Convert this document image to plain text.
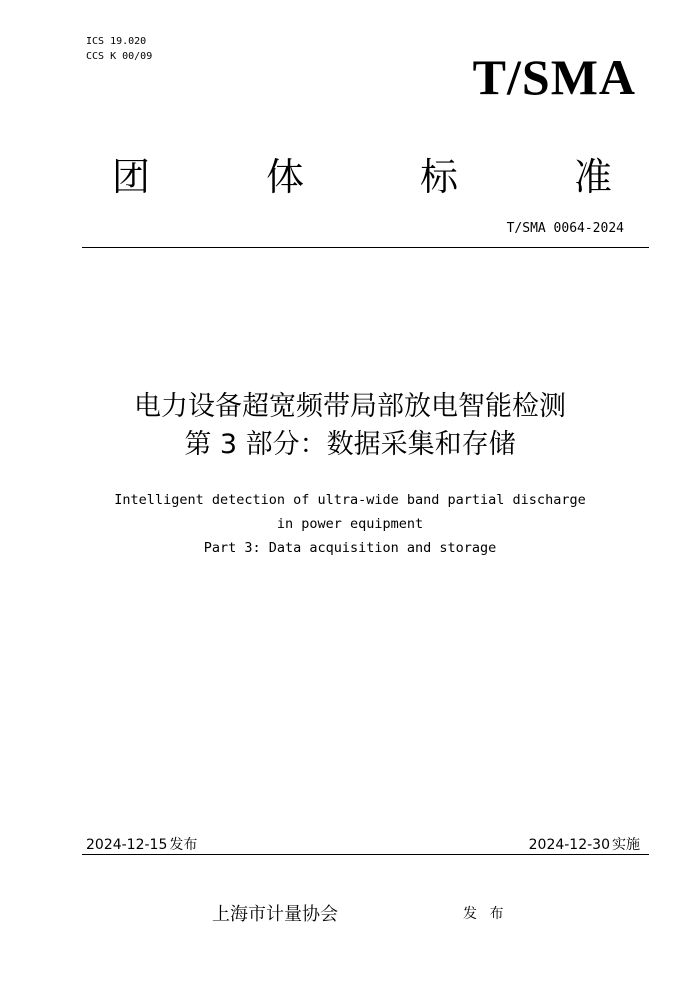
ICS 19.020
CCS K 00/09	T/SMA
团	体	标	准
T/SMA 0064-2024
电力设备超宽频带局部放电智能检测
第 3 部分：数据采集和存储
Intelligent detection of ultra-wide band partial discharge
in power equipment
Part 3: Data acquisition and storage
2024-12-15 发布	2024-12-30 实施
上海市计量协会	发 布
